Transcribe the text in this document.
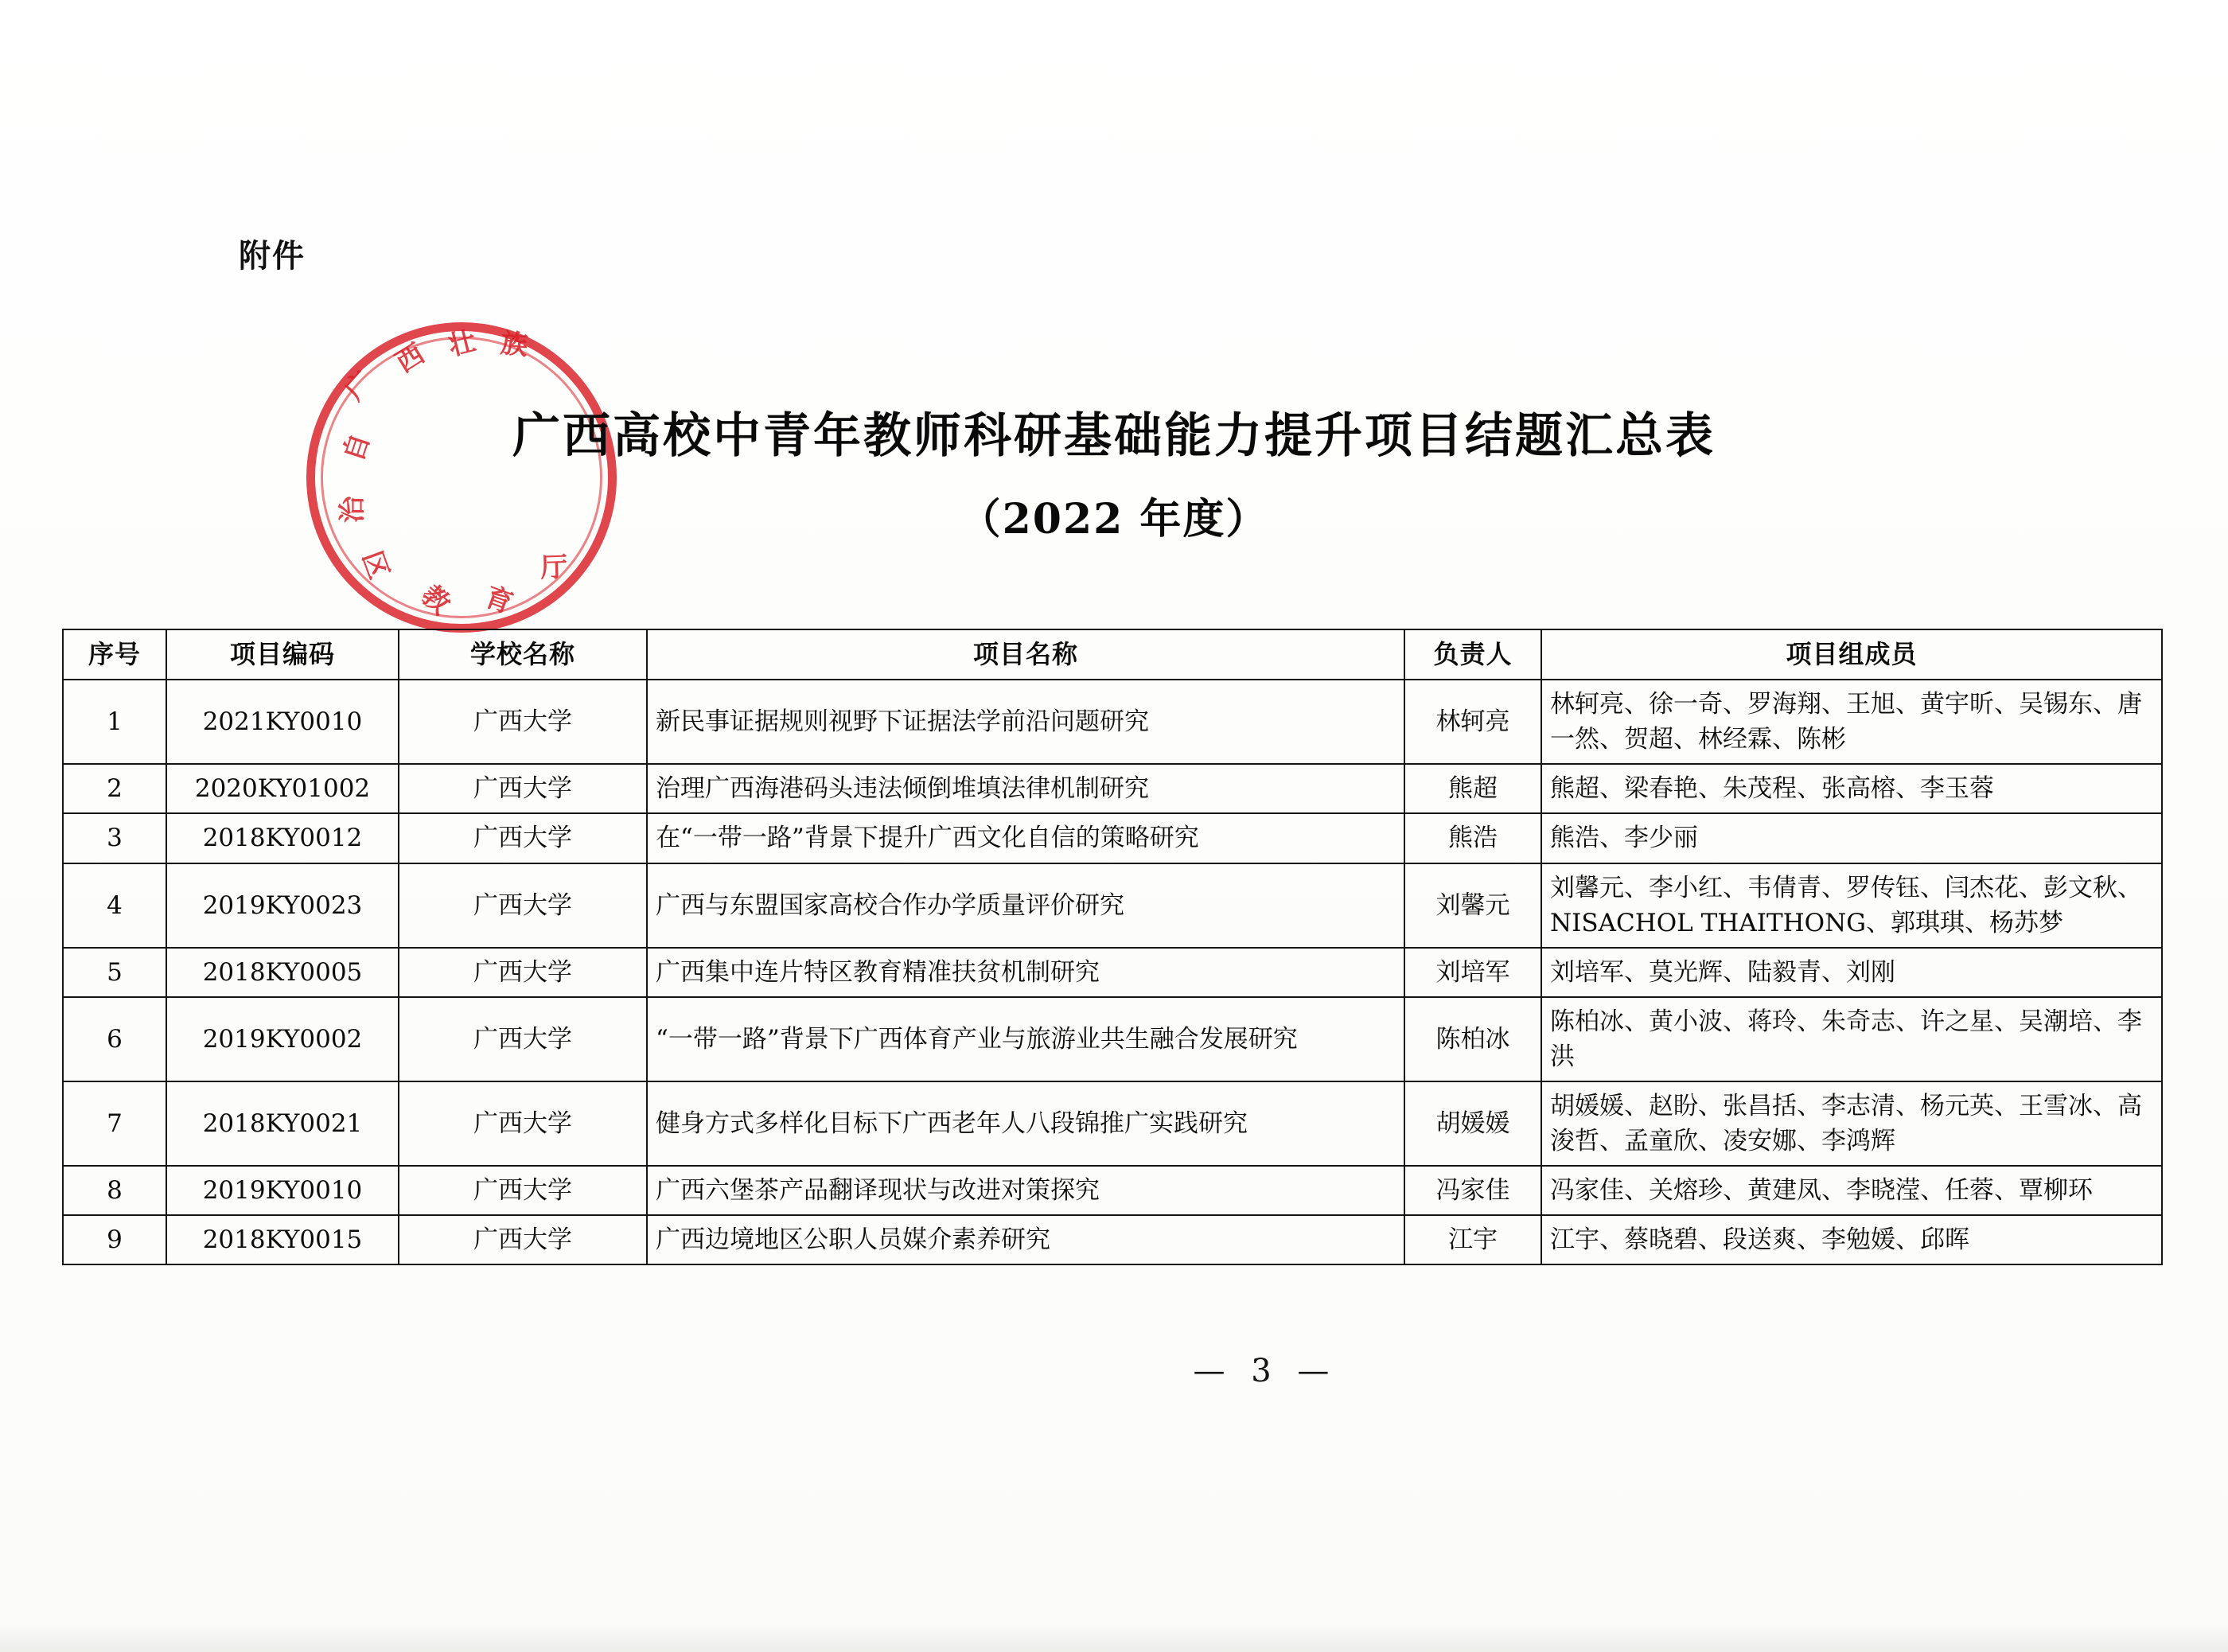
附件
广
西 壮 族
自
治
区
教 育
厅
广西高校中青年教师科研基础能力提升项目结题汇总表
（2022 年度）
序号	项目编码	学校名称	项目名称	负责人	项目组成员
1	2021KY0010	广西大学	新民事证据规则视野下证据法学前沿问题研究	林轲亮	林轲亮、徐一奇、罗海翔、王旭、黄宇昕、吴锡东、唐一然、贺超、林经霖、陈彬
2	2020KY01002	广西大学	治理广西海港码头违法倾倒堆填法律机制研究	熊超	熊超、梁春艳、朱茂程、张高榕、李玉蓉
3	2018KY0012	广西大学	在“一带一路”背景下提升广西文化自信的策略研究	熊浩	熊浩、李少丽
4	2019KY0023	广西大学	广西与东盟国家高校合作办学质量评价研究	刘馨元	刘馨元、李小红、韦倩青、罗传钰、闫杰花、彭文秋、NISACHOL THAITHONG、郭琪琪、杨苏梦
5	2018KY0005	广西大学	广西集中连片特区教育精准扶贫机制研究	刘培军	刘培军、莫光辉、陆毅青、刘刚
6	2019KY0002	广西大学	“一带一路”背景下广西体育产业与旅游业共生融合发展研究	陈柏冰	陈柏冰、黄小波、蒋玲、朱奇志、许之星、吴潮培、李洪
7	2018KY0021	广西大学	健身方式多样化目标下广西老年人八段锦推广实践研究	胡媛媛	胡媛媛、赵盼、张昌括、李志清、杨元英、王雪冰、高浚哲、孟童欣、凌安娜、李鸿辉
8	2019KY0010	广西大学	广西六堡茶产品翻译现状与改进对策探究	冯家佳	冯家佳、关熔珍、黄建凤、李晓滢、任蓉、覃柳环
9	2018KY0015	广西大学	广西边境地区公职人员媒介素养研究	江宇	江宇、蔡晓碧、段送爽、李勉媛、邱晖
— 3 —
